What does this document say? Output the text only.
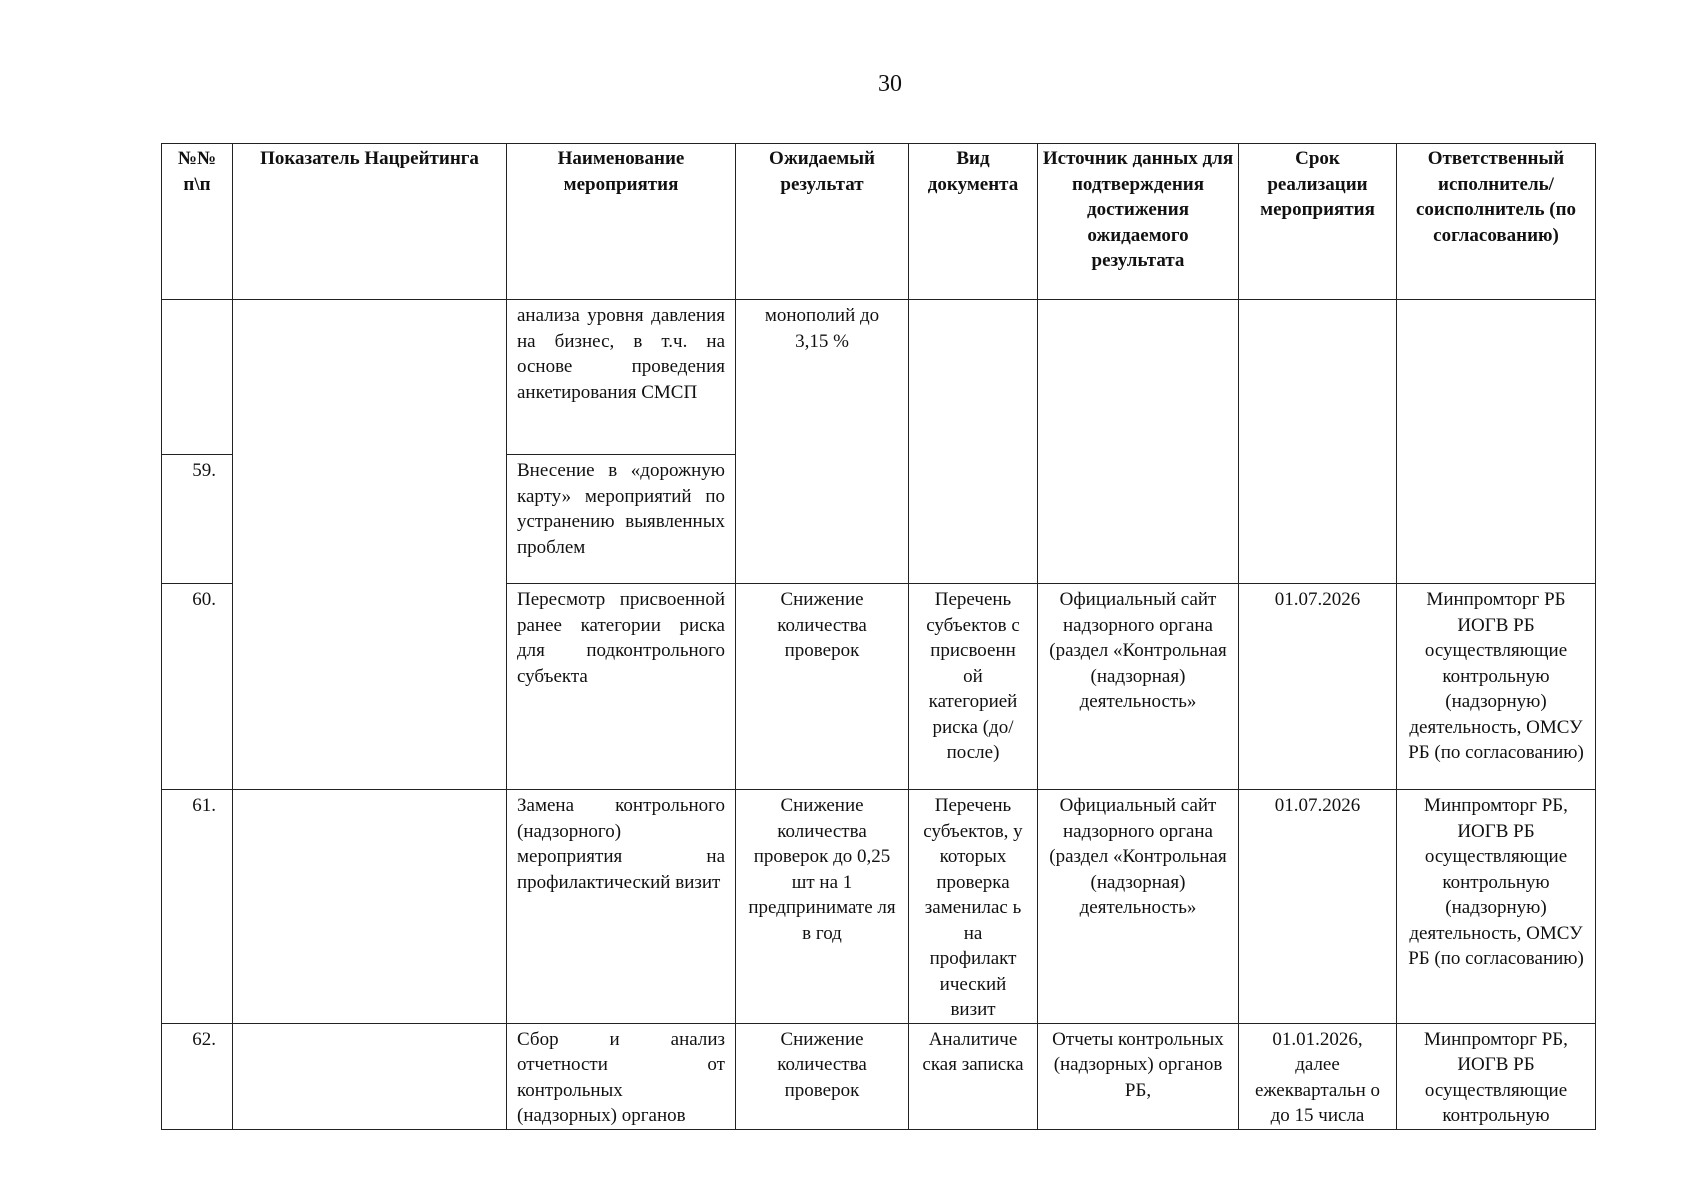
30
№№ п\п	Показатель Нацрейтинга	Наименование мероприятия	Ожидаемый результат	Вид документа	Источник данных для подтверждения достижения ожидаемого результата	Срок реализации мероприятия	Ответственный исполнитель/ соисполнитель (по согласованию)
		анализа уровня давления на бизнес, в т.ч. на основе проведения анкетирования СМСП	монополий до 3,15 %				
59.		Внесение в «дорожную карту» мероприятий по устранению выявленных проблем					
60.		Пересмотр присвоенной ранее категории риска для подконтрольного субъекта	Снижение количества проверок	Перечень субъектов с присвоенн ой категорией риска (до/после)	Официальный сайт надзорного органа (раздел «Контрольная (надзорная) деятельность»	01.07.2026	Минпромторг РБ ИОГВ РБ осуществляющие контрольную (надзорную) деятельность, ОМСУ РБ (по согласованию)
61.		Замена контрольного (надзорного) мероприятия на профилактический визит	Снижение количества проверок до 0,25 шт на 1 предпринимате ля в год	Перечень субъектов, у которых проверка заменилас ь на профилакт ический визит	Официальный сайт надзорного органа (раздел «Контрольная (надзорная) деятельность»	01.07.2026	Минпромторг РБ, ИОГВ РБ осуществляющие контрольную (надзорную) деятельность, ОМСУ РБ (по согласованию)
62.		Сбор и анализ отчетности от контрольных (надзорных) органов	Снижение количества проверок	Аналитиче ская записка	Отчеты контрольных (надзорных) органов РБ,	01.01.2026, далее ежеквартальн о до 15 числа	Минпромторг РБ, ИОГВ РБ осуществляющие контрольную
